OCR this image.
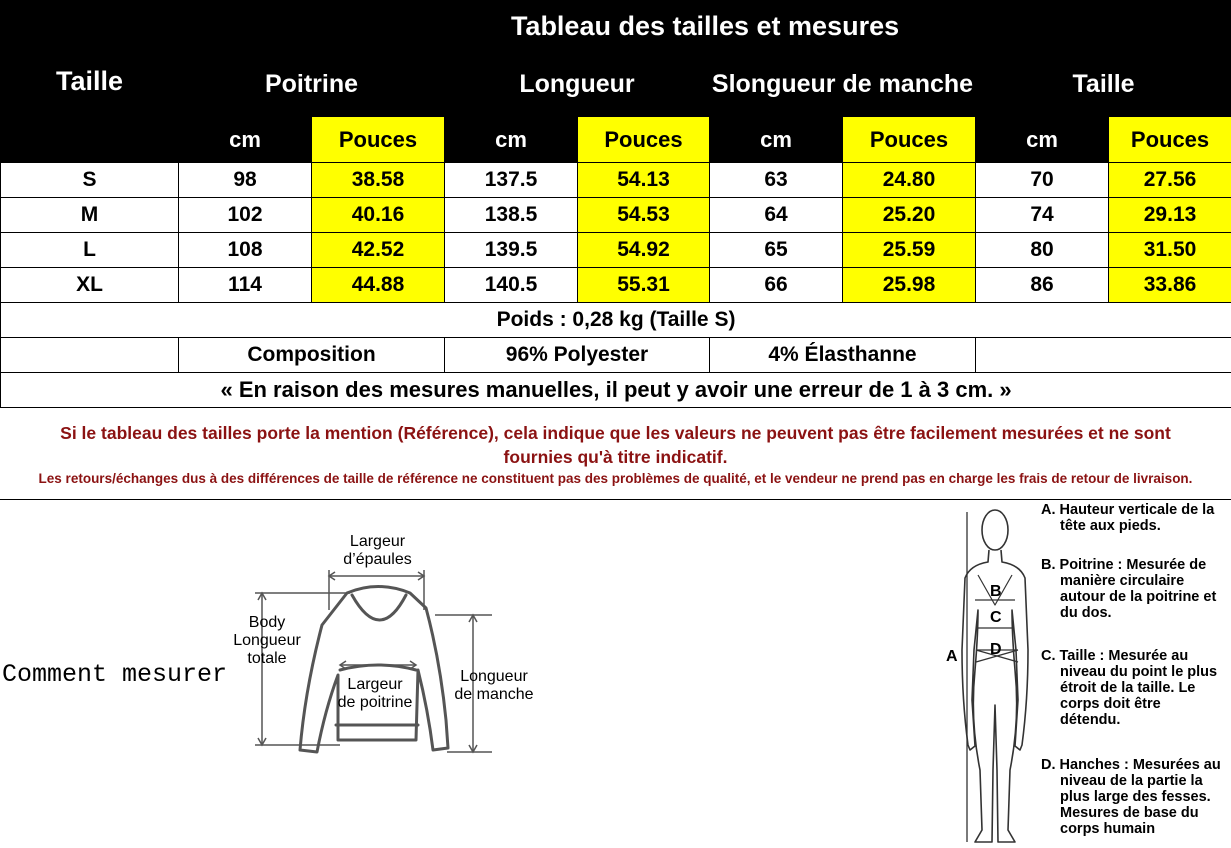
Taille	Tableau des tailles et mesures							
	Poitrine		Longueur		Slongueur de manche		Taille	
	cm	Pouces	cm	Pouces	cm	Pouces	cm	Pouces
S	98	38.58	137.5	54.13	63	24.80	70	27.56
M	102	40.16	138.5	54.53	64	25.20	74	29.13
L	108	42.52	139.5	54.92	65	25.59	80	31.50
XL	114	44.88	140.5	55.31	66	25.98	86	33.86
Poids : 0,28 kg (Taille S)								
	Composition		96% Polyester		4% Élasthanne			
« En raison des mesures manuelles, il peut y avoir une erreur de 1 à 3 cm. »								
Si le tableau des tailles porte la mention (Référence), cela indique que les valeurs ne peuvent pas être facilement mesurées et ne sont
fournies qu'à titre indicatif.
Les retours/échanges dus à des différences de taille de référence ne constituent pas des problèmes de qualité, et le vendeur ne prend pas en charge les frais de retour de livraison.
Comment mesurer
Largeur
d’épaules
Body
Longueur
totale
Largeur
de poitrine
Longueur
de manche
A
B
C
D
A. Hauteur verticale de la
tête aux pieds.
B. Poitrine : Mesurée de
manière circulaire
autour de la poitrine et
du dos.
C. Taille : Mesurée au
niveau du point le plus
étroit de la taille. Le
corps doit être
détendu.
D. Hanches : Mesurées au
niveau de la partie la
plus large des fesses.
Mesures de base du
corps humain
